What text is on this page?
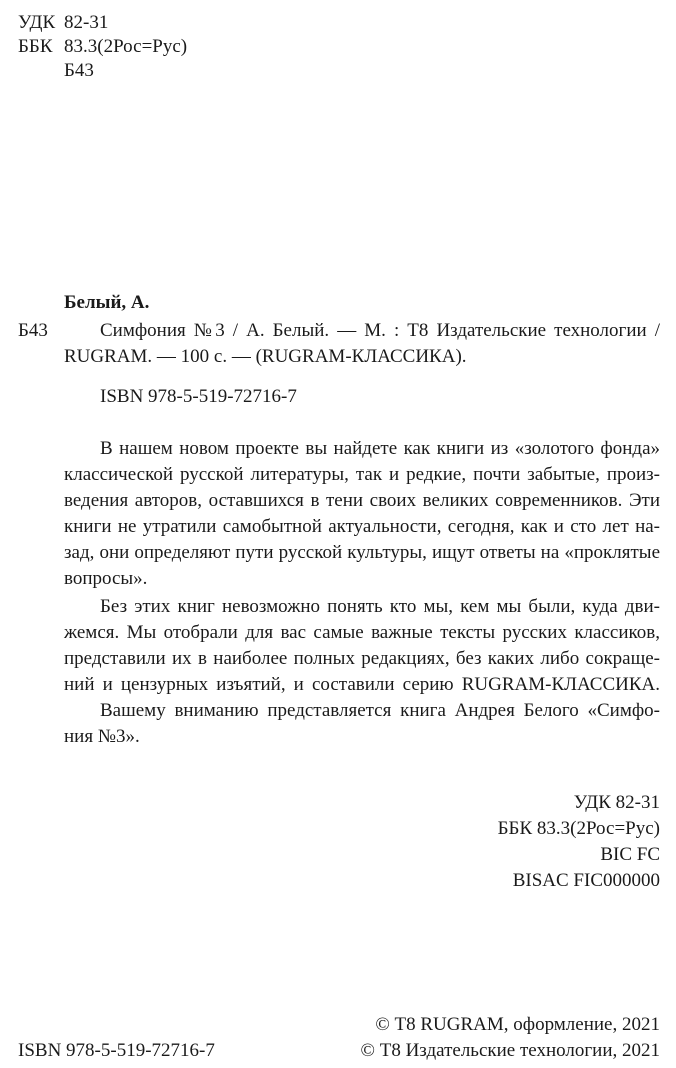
УДК 82-31
ББК 83.3(2Рос=Рус)
Б43
Белый, А.
Б43	Симфония №3 / А. Белый. — М. : Т8 Издательские технологии /
RUGRAM. — 100 с. — (RUGRAM-КЛАССИКА).
ISBN 978-5-519-72716-7
В нашем новом проекте вы найдете как книги из «золотого фонда»
классической русской литературы, так и редкие, почти забытые, произ-
ведения авторов, оставшихся в тени своих великих современников. Эти
книги не утратили самобытной актуальности, сегодня, как и сто лет на-
зад, они определяют пути русской культуры, ищут ответы на «проклятые
вопросы».
Без этих книг невозможно понять кто мы, кем мы были, куда дви-
жемся. Мы отобрали для вас самые важные тексты русских классиков,
представили их в наиболее полных редакциях, без каких либо сокраще-
ний и цензурных изъятий, и составили серию RUGRAM-КЛАССИКА.
Вашему вниманию представляется книга Андрея Белого «Симфо-
ния №3».
УДК 82-31
ББК 83.3(2Рос=Рус)
BIC FC
BISAC FIC000000
ISBN 978-5-519-72716-7
© Т8 RUGRAM, оформление, 2021
© Т8 Издательские технологии, 2021
